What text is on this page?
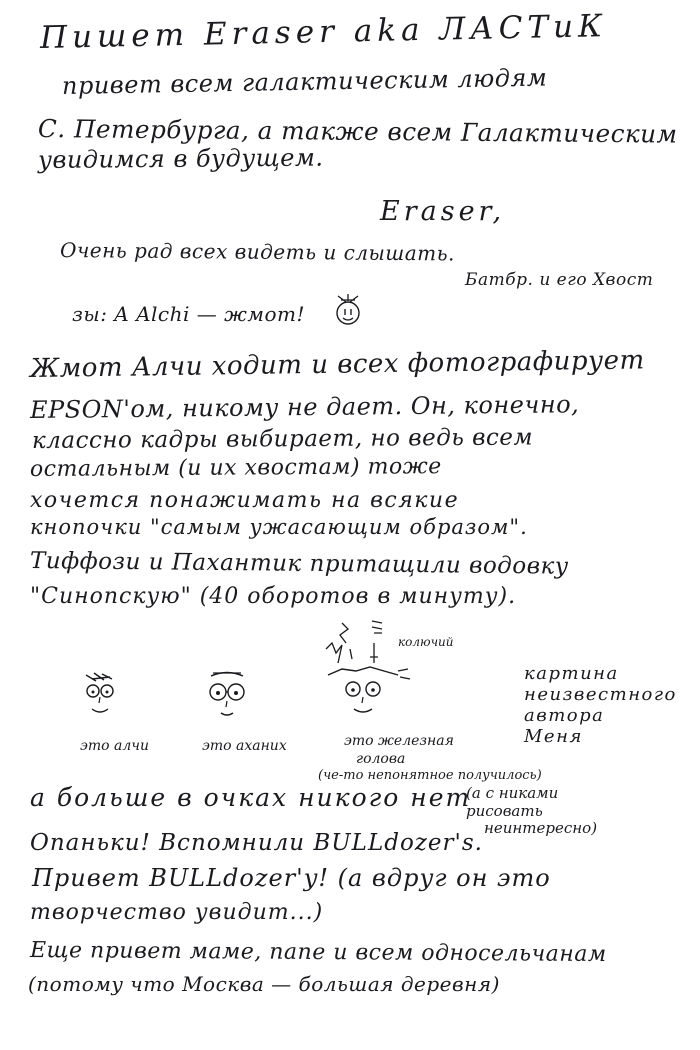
Пишет Eraser aka ЛАСТиК

привет всем галактическим людям

С. Петербурга, а также всем Галактическим

увидимся в будущем.

Eraser,

Очень рад всех видеть и слышать.

Батбр. и его Хвост

зы: A Alchi — жмот!

Жмот Алчи ходит и всех фотографирует

EPSON'ом, никому не дает. Он, конечно,

классно кадры выбирает, но ведь всем

остальным (и их хвостам) тоже

хочется понажимать на всякие

кнопочки "самым ужасающим образом".

Тиффози и Пахантик притащили водовку

"Синопскую" (40 оборотов в минуту).

это алчи	это аханих

колючий

это железная

голова

(че-то непонятное получилось)

картина
неизвестного
автора
Меня

а больше в очках никого нет

(а с никами

рисовать

неинтересно)

Опаньки! Вспомнили BULLdozer's.

Привет BULLdozer'y! (а вдруг он это

творчество увидит...)

Еще привет маме, папе и всем односельчанам

(потому что Москва — большая деревня)
